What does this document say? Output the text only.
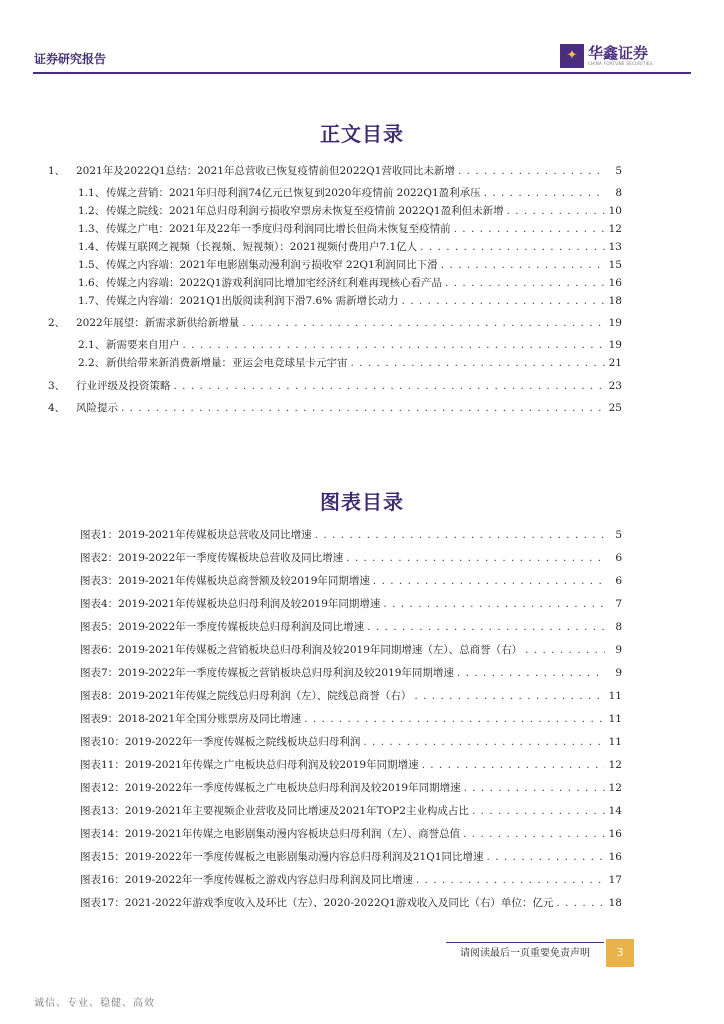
证券研究报告	✦ 华鑫证券
CHINA FORTUNE SECURITIES
正文目录
1、	2021年及2022Q1总结：2021年总营收已恢复疫情前但2022Q1营收同比未新增 . . .	5
1.1、 传媒之营销：2021年归母利润74亿元已恢复到2020年疫情前 2022Q1盈利承压 . . .	8
1.2、 传媒之院线：2021年总归母利润亏损收窄票房未恢复至疫情前 2022Q1盈利但未新增 . . .	10
1.3、 传媒之广电：2021年及22年一季度归母利润同比增长但尚未恢复至疫情前 . . .	12
1.4、 传媒互联网之视频（长视频、短视频）：2021视频付费用户7.1亿人 . . .	13
1.5、 传媒之内容端：2021年电影剧集动漫利润亏损收窄 22Q1利润同比下滑 . . .	15
1.6、 传媒之内容端：2022Q1游戏利润同比增加宅经济红利难再现核心看产品 . . .	16
1.7、 传媒之内容端：2021Q1出版阅读利润下滑7.6% 需新增长动力 . . .	18
2、	2022年展望：新需求新供给新增量 . . .	19
2.1、 新需要来自用户 . . .	19
2.2、 新供给带来新消费新增量：亚运会电竞球星卡元宇宙 . . .	21
3、	行业评级及投资策略 . . .	23
4、	风险提示 . . .	25
图表目录
图表1：2019-2021年传媒板块总营收及同比增速 . . .	5
图表2：2019-2022年一季度传媒板块总营收及同比增速 . . .	6
图表3：2019-2021年传媒板块总商誉额及较2019年同期增速 . . .	6
图表4：2019-2021年传媒板块总归母利润及较2019年同期增速 . . .	7
图表5：2019-2022年一季度传媒板块总归母利润及同比增速 . . .	8
图表6：2019-2021年传媒板之营销板块总归母利润及较2019年同期增速（左）、总商誉（右） . . .	9
图表7：2019-2022年一季度传媒板之营销板块总归母利润及较2019年同期增速 . . .	9
图表8：2019-2021年传媒之院线总归母利润（左）、院线总商誉（右） . . .	11
图表9：2018-2021年全国分账票房及同比增速 . . .	11
图表10：2019-2022年一季度传媒板之院线板块总归母利润 . . .	11
图表11：2019-2021年传媒之广电板块总归母利润及较2019年同期增速 . . .	12
图表12：2019-2022年一季度传媒板之广电板块总归母利润及较2019年同期增速 . . .	12
图表13：2019-2021年主要视频企业营收及同比增速及2021年TOP2主业构成占比 . . .	14
图表14：2019-2021年传媒之电影剧集动漫内容板块总归母利润（左）、商誉总值 . . .	16
图表15：2019-2022年一季度传媒板之电影剧集动漫内容总归母利润及21Q1同比增速 . . .	16
图表16：2019-2022年一季度传媒板之游戏内容总归母利润及同比增速 . . .	17
图表17：2021-2022年游戏季度收入及环比（左）、2020-2022Q1游戏收入及同比（右）单位：亿元 . . .	18
请阅读最后一页重要免责声明	3
诚信、专业、稳健、高效
